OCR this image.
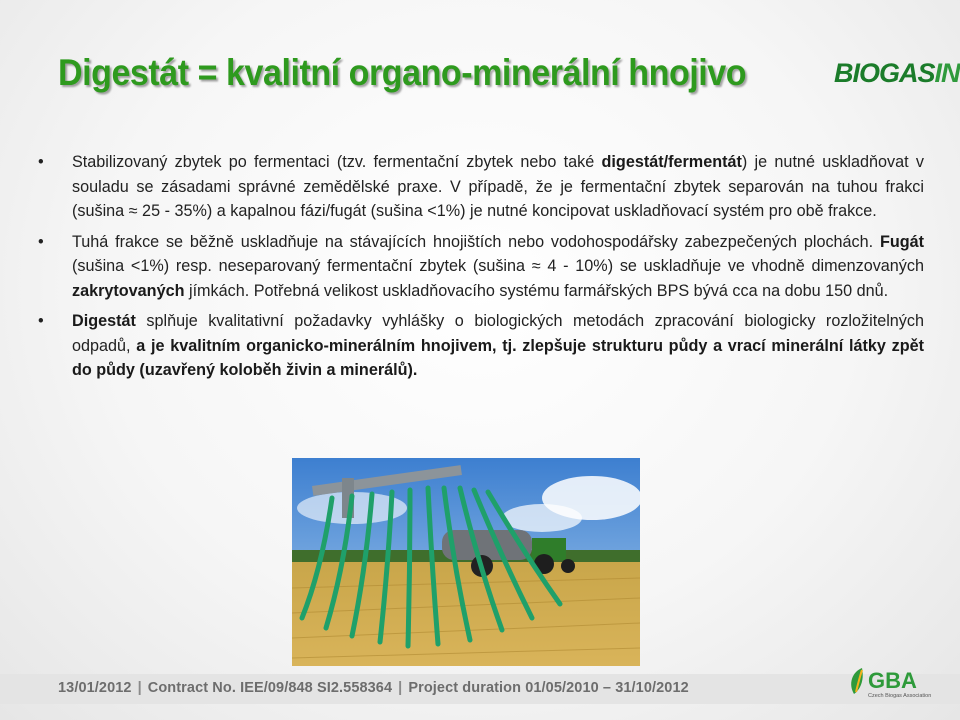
Digestát = kvalitní organo-minerální hnojivo	BIOGASIN
• Stabilizovaný zbytek po fermentaci (tzv. fermentační zbytek nebo také digestát/fermentát) je nutné uskladňovat v souladu se zásadami správné zemědělské praxe. V případě, že je fermentační zbytek separován na tuhou frakci (sušina ≈ 25 - 35%) a kapalnou fázi/fugát (sušina <1%) je nutné koncipovat uskladňovací systém pro obě frakce.
• Tuhá frakce se běžně uskladňuje na stávajících hnojištích nebo vodohospodářsky zabezpečených plochách. Fugát (sušina <1%) resp. neseparovaný fermentační zbytek (sušina ≈ 4 - 10%) se uskladňuje ve vhodně dimenzovaných zakrytovaných jímkách. Potřebná velikost uskladňovacího systému farmářských BPS bývá cca na dobu 150 dnů.
• Digestát splňuje kvalitativní požadavky vyhlášky o biologických metodách zpracování biologicky rozložitelných odpadů, a je kvalitním organicko-minerálním hnojivem, tj. zlepšuje strukturu půdy a vrací minerální látky zpět do půdy (uzavřený koloběh živin a minerálů).
13/01/2012 | Contract No. IEE/09/848 SI2.558364 | Project duration 01/05/2010 – 31/10/2012	GBA
Czech Biogas Association
